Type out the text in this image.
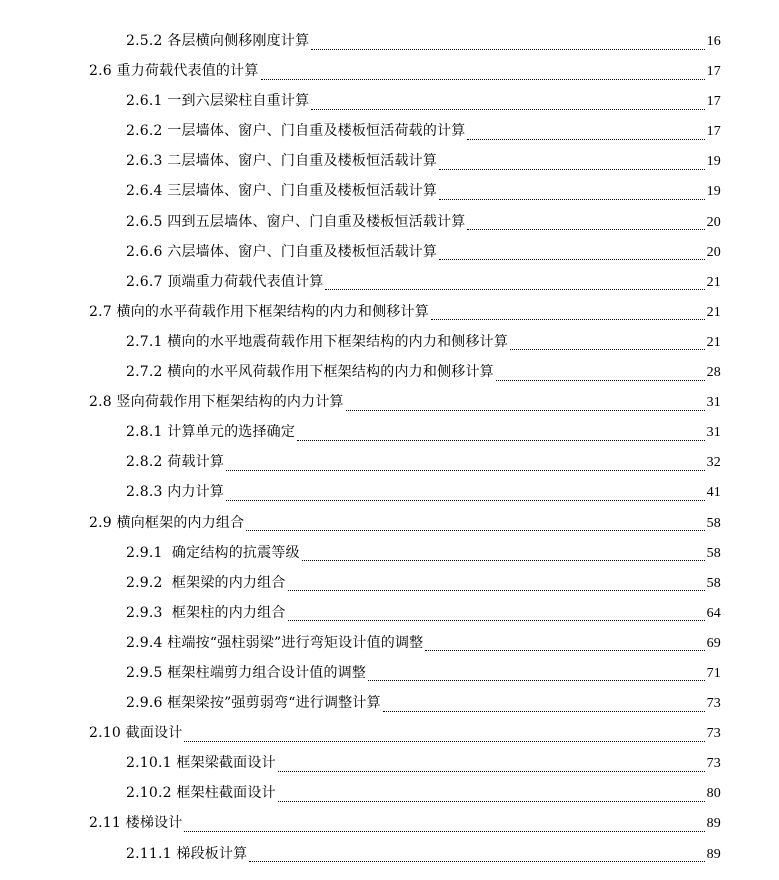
2.5.2 各层横向侧移刚度计算	16
2.6 重力荷载代表值的计算	17
2.6.1 一到六层梁柱自重计算	17
2.6.2 一层墙体、窗户、门自重及楼板恒活荷载的计算	17
2.6.3 二层墙体、窗户、门自重及楼板恒活载计算	19
2.6.4 三层墙体、窗户、门自重及楼板恒活载计算	19
2.6.5 四到五层墙体、窗户、门自重及楼板恒活载计算	20
2.6.6 六层墙体、窗户、门自重及楼板恒活载计算	20
2.6.7 顶端重力荷载代表值计算	21
2.7 横向的水平荷载作用下框架结构的内力和侧移计算	21
2.7.1 横向的水平地震荷载作用下框架结构的内力和侧移计算	21
2.7.2 横向的水平风荷载作用下框架结构的内力和侧移计算	28
2.8 竖向荷载作用下框架结构的内力计算	31
2.8.1 计算单元的选择确定	31
2.8.2 荷载计算	32
2.8.3 内力计算	41
2.9 横向框架的内力组合	58
2.9.1  确定结构的抗震等级	58
2.9.2  框架梁的内力组合	58
2.9.3  框架柱的内力组合	64
2.9.4 柱端按“强柱弱梁”进行弯矩设计值的调整	69
2.9.5 框架柱端剪力组合设计值的调整	71
2.9.6 框架梁按”强剪弱弯“进行调整计算	73
2.10 截面设计	73
2.10.1 框架梁截面设计	73
2.10.2 框架柱截面设计	80
2.11 楼梯设计	89
2.11.1 梯段板计算	89
